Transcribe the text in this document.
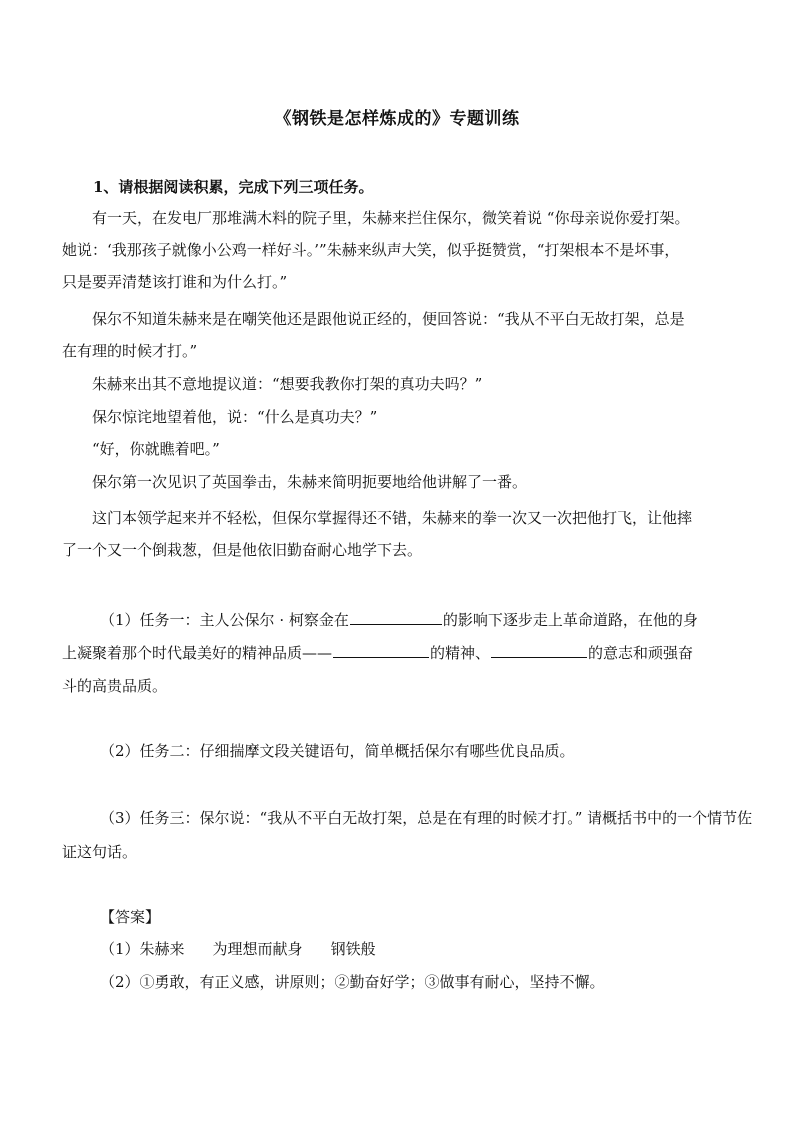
《钢铁是怎样炼成的》专题训练
1、请根据阅读积累，完成下列三项任务。
有一天，在发电厂那堆满木料的院子里，朱赫来拦住保尔，微笑着说 “你母亲说你爱打架。
她说：‘我那孩子就像小公鸡一样好斗。’”朱赫来纵声大笑，似乎挺赞赏，“打架根本不是坏事，
只是要弄清楚该打谁和为什么打。”
保尔不知道朱赫来是在嘲笑他还是跟他说正经的，便回答说：“我从不平白无故打架，总是
在有理的时候才打。”
朱赫来出其不意地提议道：“想要我教你打架的真功夫吗？”
保尔惊诧地望着他，说：“什么是真功夫？”
“好，你就瞧着吧。”
保尔第一次见识了英国拳击，朱赫来简明扼要地给他讲解了一番。
这门本领学起来并不轻松，但保尔掌握得还不错，朱赫来的拳一次又一次把他打飞，让他摔
了一个又一个倒栽葱，但是他依旧勤奋耐心地学下去。
（1）任务一：主人公保尔 · 柯察金在	的影响下逐步走上革命道路，在他的身
上凝聚着那个时代最美好的精神品质——	的精神、	的意志和顽强奋
斗的高贵品质。
（2）任务二：仔细揣摩文段关键语句，简单概括保尔有哪些优良品质。
（3）任务三：保尔说：“我从不平白无故打架，总是在有理的时候才打。” 请概括书中的一个情节佐
证这句话。
【答案】
（1）朱赫来 为理想而献身 钢铁般
（2）①勇敢，有正义感，讲原则；②勤奋好学；③做事有耐心，坚持不懈。
